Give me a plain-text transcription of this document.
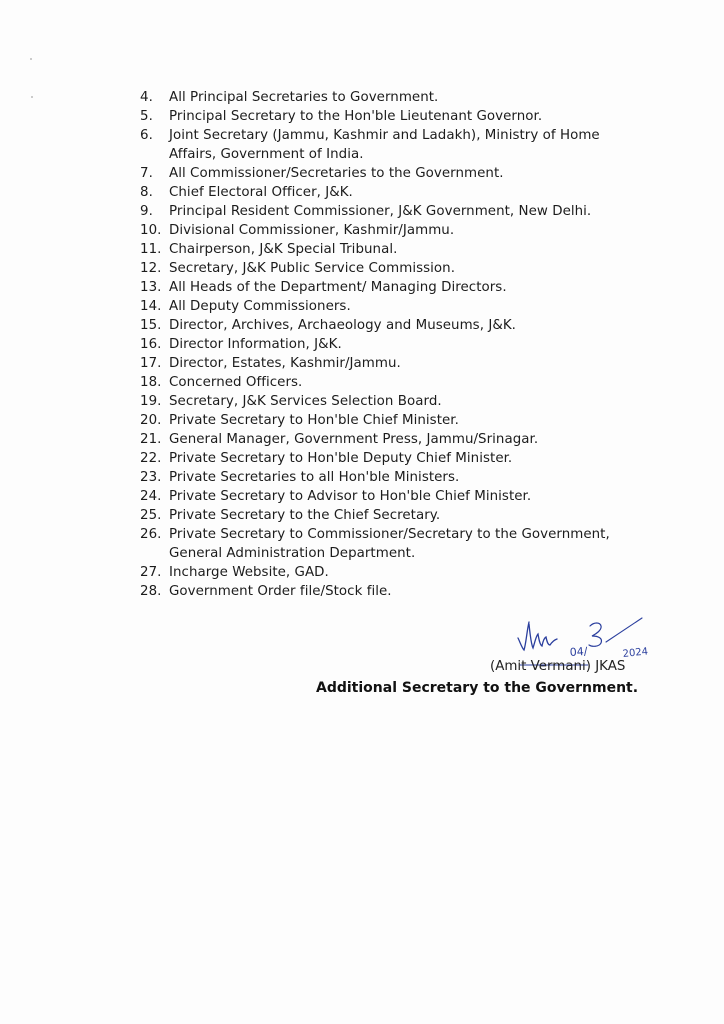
4.	All Principal Secretaries to Government.
5.	Principal Secretary to the Hon'ble Lieutenant Governor.
6.	Joint Secretary (Jammu, Kashmir and Ladakh), Ministry of Home
Affairs, Government of India.
7.	All Commissioner/Secretaries to the Government.
8.	Chief Electoral Officer, J&K.
9.	Principal Resident Commissioner, J&K Government, New Delhi.
10. Divisional Commissioner, Kashmir/Jammu.
11. Chairperson, J&K Special Tribunal.
12. Secretary, J&K Public Service Commission.
13. All Heads of the Department/ Managing Directors.
14. All Deputy Commissioners.
15. Director, Archives, Archaeology and Museums, J&K.
16. Director Information, J&K.
17. Director, Estates, Kashmir/Jammu.
18. Concerned Officers.
19. Secretary, J&K Services Selection Board.
20. Private Secretary to Hon'ble Chief Minister.
21. General Manager, Government Press, Jammu/Srinagar.
22. Private Secretary to Hon'ble Deputy Chief Minister.
23. Private Secretaries to all Hon'ble Ministers.
24. Private Secretary to Advisor to Hon'ble Chief Minister.
25. Private Secretary to the Chief Secretary.
26. Private Secretary to Commissioner/Secretary to the Government,
General Administration Department.
27. Incharge Website, GAD.
28. Government Order file/Stock file.
04/	2024
(Amit Vermani) JKAS
Additional Secretary to the Government.
